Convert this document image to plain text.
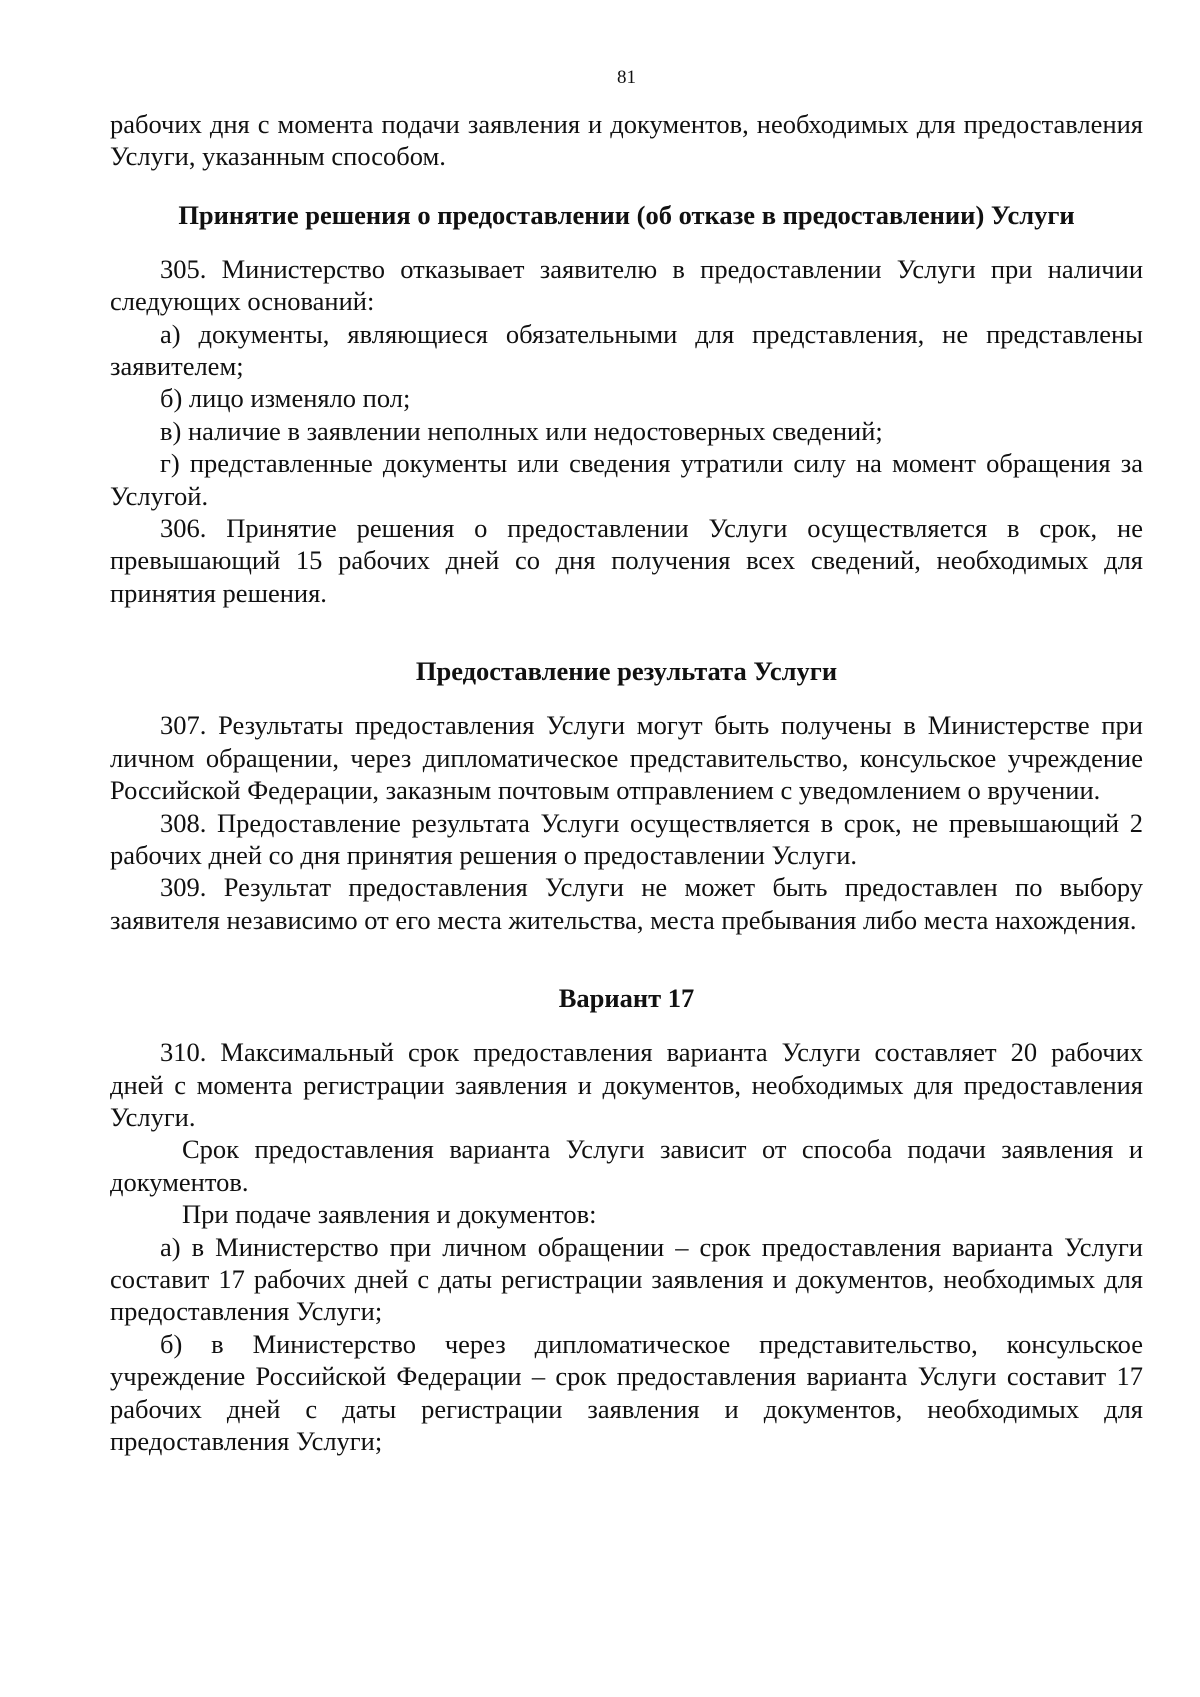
81
рабочих дня с момента подачи заявления и документов, необходимых для предоставления Услуги, указанным способом.
Принятие решения о предоставлении (об отказе в предоставлении) Услуги
305. Министерство отказывает заявителю в предоставлении Услуги при наличии следующих оснований:
а) документы, являющиеся обязательными для представления, не представлены заявителем;
б) лицо изменяло пол;
в) наличие в заявлении неполных или недостоверных сведений;
г) представленные документы или сведения утратили силу на момент обращения за Услугой.
306. Принятие решения о предоставлении Услуги осуществляется в срок, не превышающий 15 рабочих дней со дня получения всех сведений, необходимых для принятия решения.
Предоставление результата Услуги
307. Результаты предоставления Услуги могут быть получены в Министерстве при личном обращении, через дипломатическое представительство, консульское учреждение Российской Федерации, заказным почтовым отправлением с уведомлением о вручении.
308. Предоставление результата Услуги осуществляется в срок, не превышающий 2 рабочих дней со дня принятия решения о предоставлении Услуги.
309. Результат предоставления Услуги не может быть предоставлен по выбору заявителя независимо от его места жительства, места пребывания либо места нахождения.
Вариант 17
310. Максимальный срок предоставления варианта Услуги составляет 20 рабочих дней с момента регистрации заявления и документов, необходимых для предоставления Услуги.
Срок предоставления варианта Услуги зависит от способа подачи заявления и документов.
При подаче заявления и документов:
а) в Министерство при личном обращении – срок предоставления варианта Услуги составит 17 рабочих дней с даты регистрации заявления и документов, необходимых для предоставления Услуги;
б) в Министерство через дипломатическое представительство, консульское учреждение Российской Федерации – срок предоставления варианта Услуги составит 17 рабочих дней с даты регистрации заявления и документов, необходимых для предоставления Услуги;
